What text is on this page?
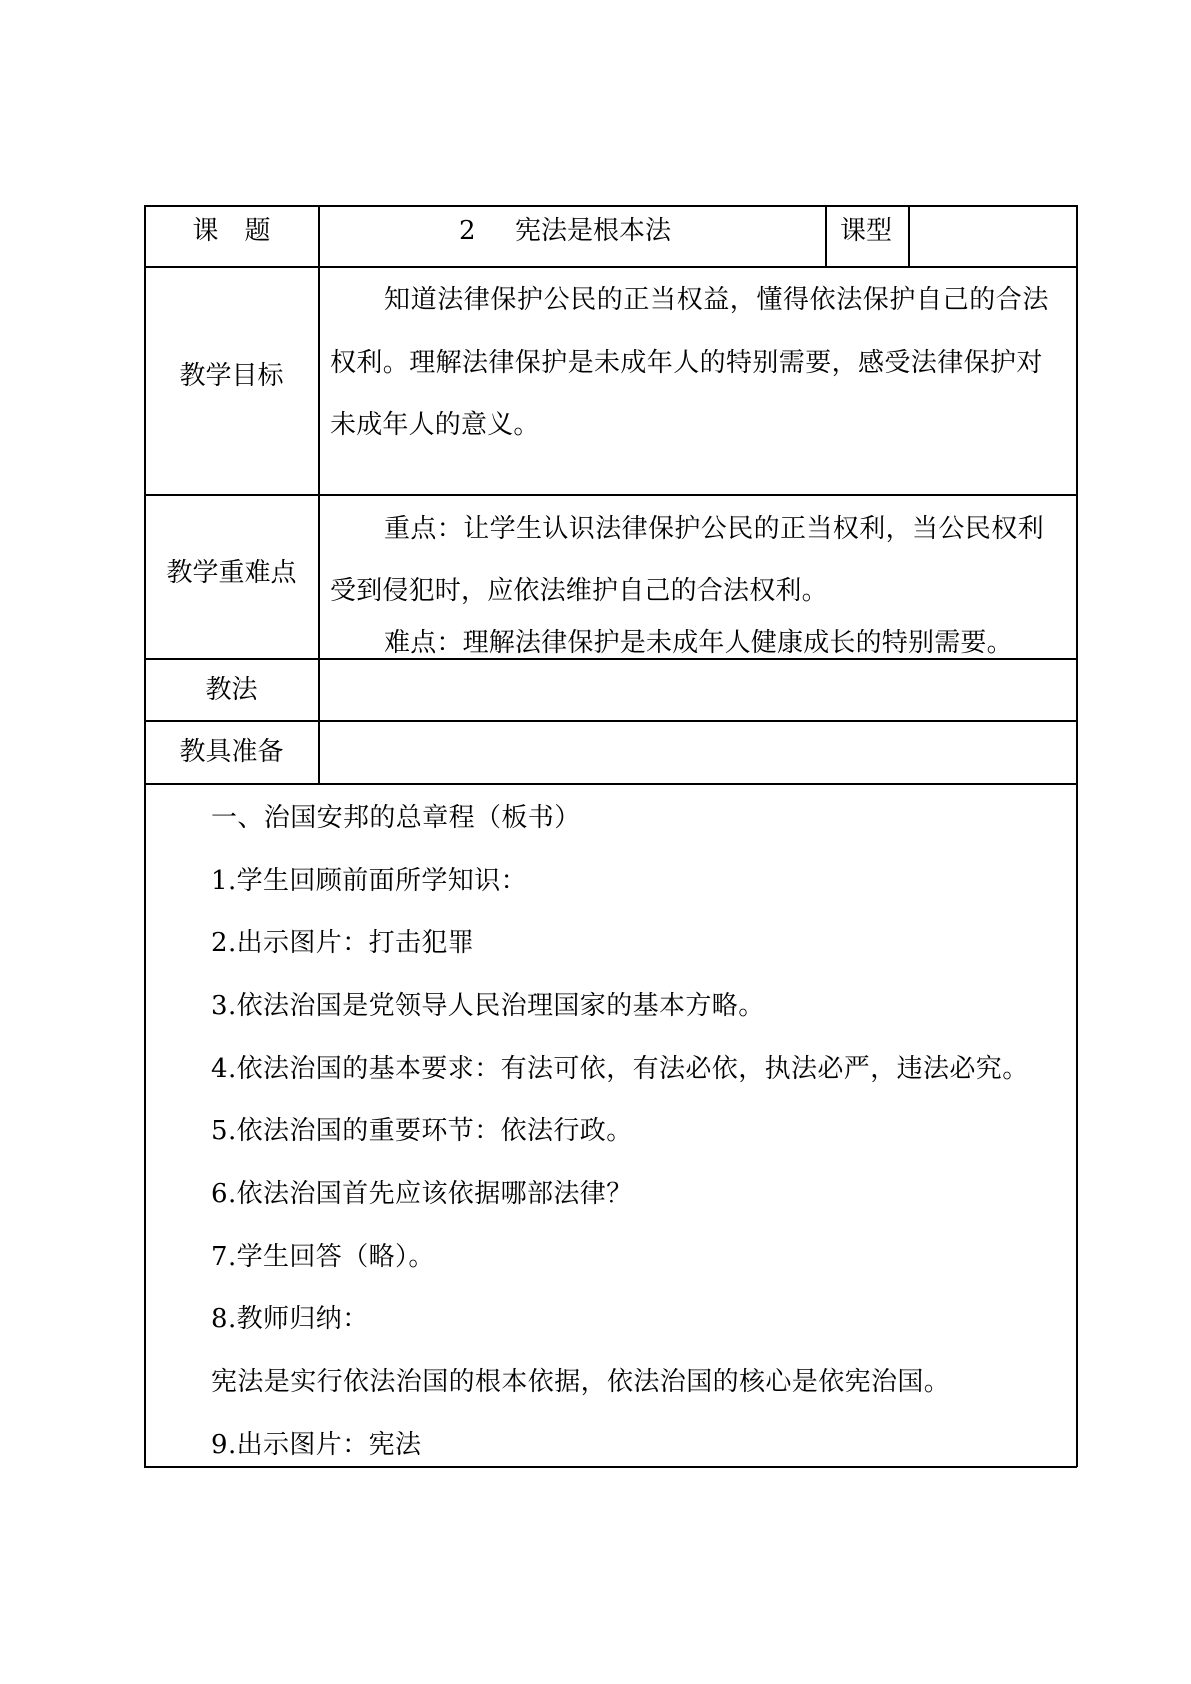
课　题	2 宪法是根本法	课型
教学目标
知道法律保护公民的正当权益，懂得依法保护自己的合法
权利。理解法律保护是未成年人的特别需要，感受法律保护对
未成年人的意义。
教学重难点
重点：让学生认识法律保护公民的正当权利，当公民权利
受到侵犯时，应依法维护自己的合法权利。
难点：理解法律保护是未成年人健康成长的特别需要。
教法
教具准备
一、治国安邦的总章程（板书）
1.学生回顾前面所学知识：
2.出示图片：打击犯罪
3.依法治国是党领导人民治理国家的基本方略。
4.依法治国的基本要求：有法可依，有法必依，执法必严，违法必究。
5.依法治国的重要环节：依法行政。
6.依法治国首先应该依据哪部法律？
7.学生回答（略）。
8.教师归纳：
宪法是实行依法治国的根本依据，依法治国的核心是依宪治国。
9.出示图片：宪法
